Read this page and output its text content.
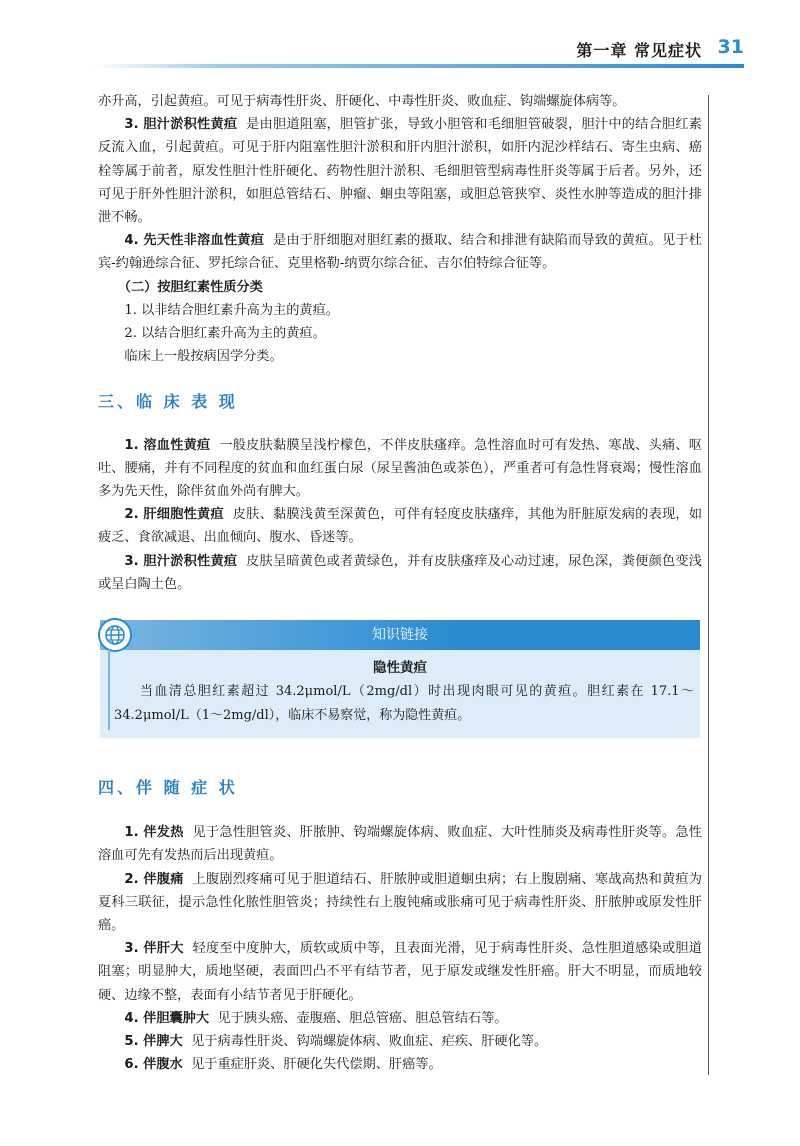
第一章 常见症状 31

亦升高，引起黄疸。可见于病毒性肝炎、肝硬化、中毒性肝炎、败血症、钩端螺旋体病等。

3. 胆汁淤积性黄疸 是由胆道阻塞，胆管扩张，导致小胆管和毛细胆管破裂，胆汁中的结合胆红素反流入血，引起黄疸。可见于肝内阻塞性胆汁淤积和肝内胆汁淤积，如肝内泥沙样结石、寄生虫病、癌栓等属于前者，原发性胆汁性肝硬化、药物性胆汁淤积、毛细胆管型病毒性肝炎等属于后者。另外，还可见于肝外性胆汁淤积，如胆总管结石、肿瘤、蛔虫等阻塞，或胆总管狭窄、炎性水肿等造成的胆汁排泄不畅。

4. 先天性非溶血性黄疸 是由于肝细胞对胆红素的摄取、结合和排泄有缺陷而导致的黄疸。见于杜宾-约翰逊综合征、罗托综合征、克里格勒-纳贾尔综合征、吉尔伯特综合征等。

（二）按胆红素性质分类

1. 以非结合胆红素升高为主的黄疸。

2. 以结合胆红素升高为主的黄疸。

临床上一般按病因学分类。

三、临 床 表 现

1. 溶血性黄疸 一般皮肤黏膜呈浅柠檬色，不伴皮肤瘙痒。急性溶血时可有发热、寒战、头痛、呕吐、腰痛，并有不同程度的贫血和血红蛋白尿（尿呈酱油色或茶色），严重者可有急性肾衰竭；慢性溶血多为先天性，除伴贫血外尚有脾大。

2. 肝细胞性黄疸 皮肤、黏膜浅黄至深黄色，可伴有轻度皮肤瘙痒，其他为肝脏原发病的表现，如疲乏、食欲减退、出血倾向、腹水、昏迷等。

3. 胆汁淤积性黄疸 皮肤呈暗黄色或者黄绿色，并有皮肤瘙痒及心动过速，尿色深，粪便颜色变浅或呈白陶土色。

知识链接
隐性黄疸
当血清总胆红素超过 34.2μmol/L（2mg/dl）时出现肉眼可见的黄疸。胆红素在 17.1～34.2μmol/L（1～2mg/dl），临床不易察觉，称为隐性黄疸。

四、伴 随 症 状

1. 伴发热 见于急性胆管炎、肝脓肿、钩端螺旋体病、败血症、大叶性肺炎及病毒性肝炎等。急性溶血可先有发热而后出现黄疸。

2. 伴腹痛 上腹剧烈疼痛可见于胆道结石、肝脓肿或胆道蛔虫病；右上腹剧痛、寒战高热和黄疸为夏科三联征，提示急性化脓性胆管炎；持续性右上腹钝痛或胀痛可见于病毒性肝炎、肝脓肿或原发性肝癌。

3. 伴肝大 轻度至中度肿大，质软或质中等，且表面光滑，见于病毒性肝炎、急性胆道感染或胆道阻塞；明显肿大，质地坚硬，表面凹凸不平有结节者，见于原发或继发性肝癌。肝大不明显，而质地较硬、边缘不整，表面有小结节者见于肝硬化。

4. 伴胆囊肿大 见于胰头癌、壶腹癌、胆总管癌、胆总管结石等。

5. 伴脾大 见于病毒性肝炎、钩端螺旋体病、败血症、疟疾、肝硬化等。

6. 伴腹水 见于重症肝炎、肝硬化失代偿期、肝癌等。
